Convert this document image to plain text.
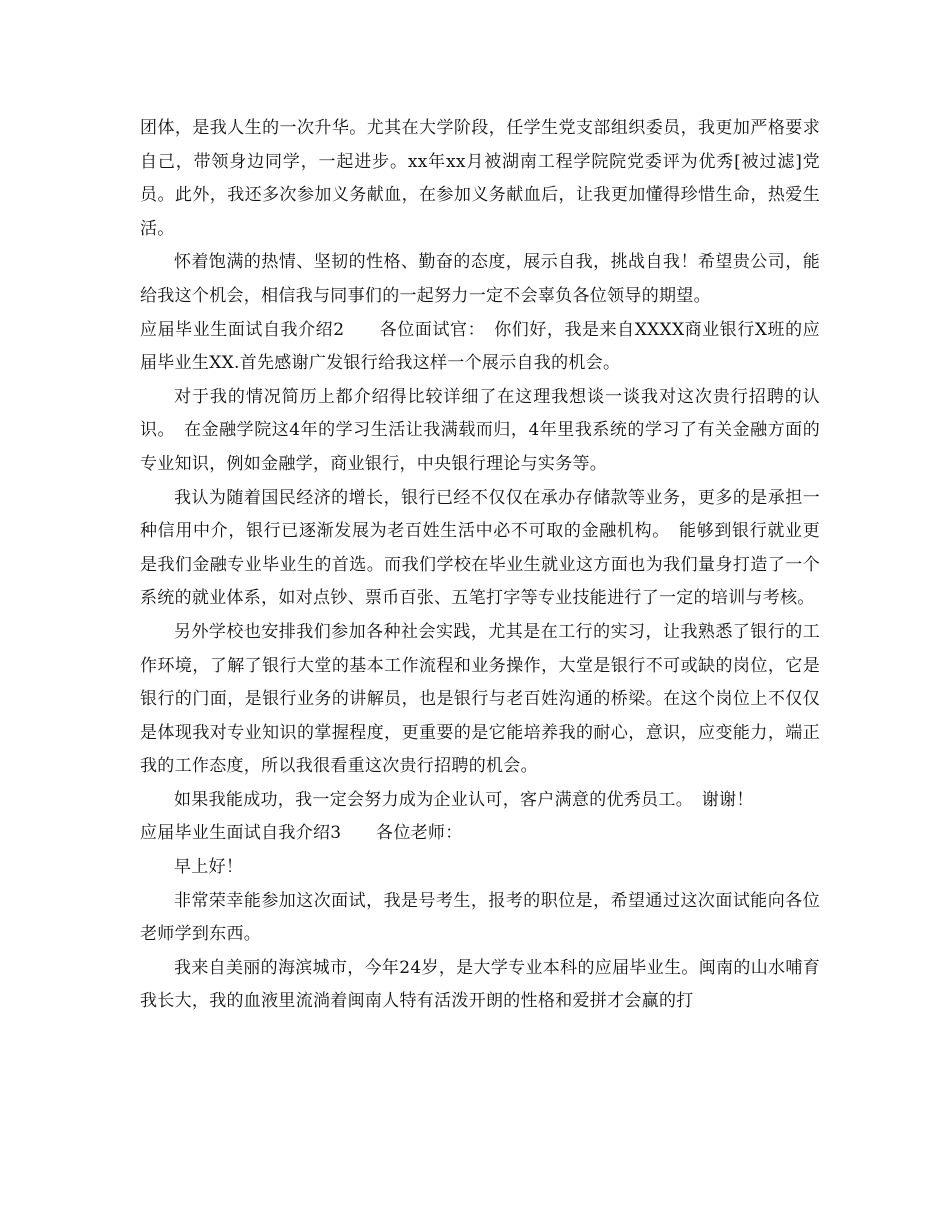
团体，是我人生的一次升华。尤其在大学阶段，任学生党支部组织委员，我更加严格要求自己，带领身边同学，一起进步。xx年xx月被湖南工程学院院党委评为优秀[被过滤]党员。此外，我还多次参加义务献血，在参加义务献血后，让我更加懂得珍惜生命，热爱生活。

怀着饱满的热情、坚韧的性格、勤奋的态度，展示自我，挑战自我！希望贵公司，能给我这个机会，相信我与同事们的一起努力一定不会辜负各位领导的期望。

应届毕业生面试自我介绍2　　各位面试官：　你们好，我是来自XXXX商业银行X班的应届毕业生XX.首先感谢广发银行给我这样一个展示自我的机会。

对于我的情况简历上都介绍得比较详细了在这理我想谈一谈我对这次贵行招聘的认识。　在金融学院这4年的学习生活让我满载而归，4年里我系统的学习了有关金融方面的专业知识，例如金融学，商业银行，中央银行理论与实务等。

我认为随着国民经济的增长，银行已经不仅仅在承办存储款等业务，更多的是承担一种信用中介，银行已逐渐发展为老百姓生活中必不可取的金融机构。　能够到银行就业更是我们金融专业毕业生的首选。而我们学校在毕业生就业这方面也为我们量身打造了一个系统的就业体系，如对点钞、票币百张、五笔打字等专业技能进行了一定的培训与考核。

另外学校也安排我们参加各种社会实践，尤其是在工行的实习，让我熟悉了银行的工作环境，了解了银行大堂的基本工作流程和业务操作，大堂是银行不可或缺的岗位，它是银行的门面，是银行业务的讲解员，也是银行与老百姓沟通的桥梁。在这个岗位上不仅仅是体现我对专业知识的掌握程度，更重要的是它能培养我的耐心，意识，应变能力，端正我的工作态度，所以我很看重这次贵行招聘的机会。

如果我能成功，我一定会努力成为企业认可，客户满意的优秀员工。　谢谢！

应届毕业生面试自我介绍3　　各位老师：

早上好！

非常荣幸能参加这次面试，我是号考生，报考的职位是，希望通过这次面试能向各位老师学到东西。

我来自美丽的海滨城市，今年24岁，是大学专业本科的应届毕业生。闽南的山水哺育我长大，我的血液里流淌着闽南人特有活泼开朗的性格和爱拼才会赢的打
